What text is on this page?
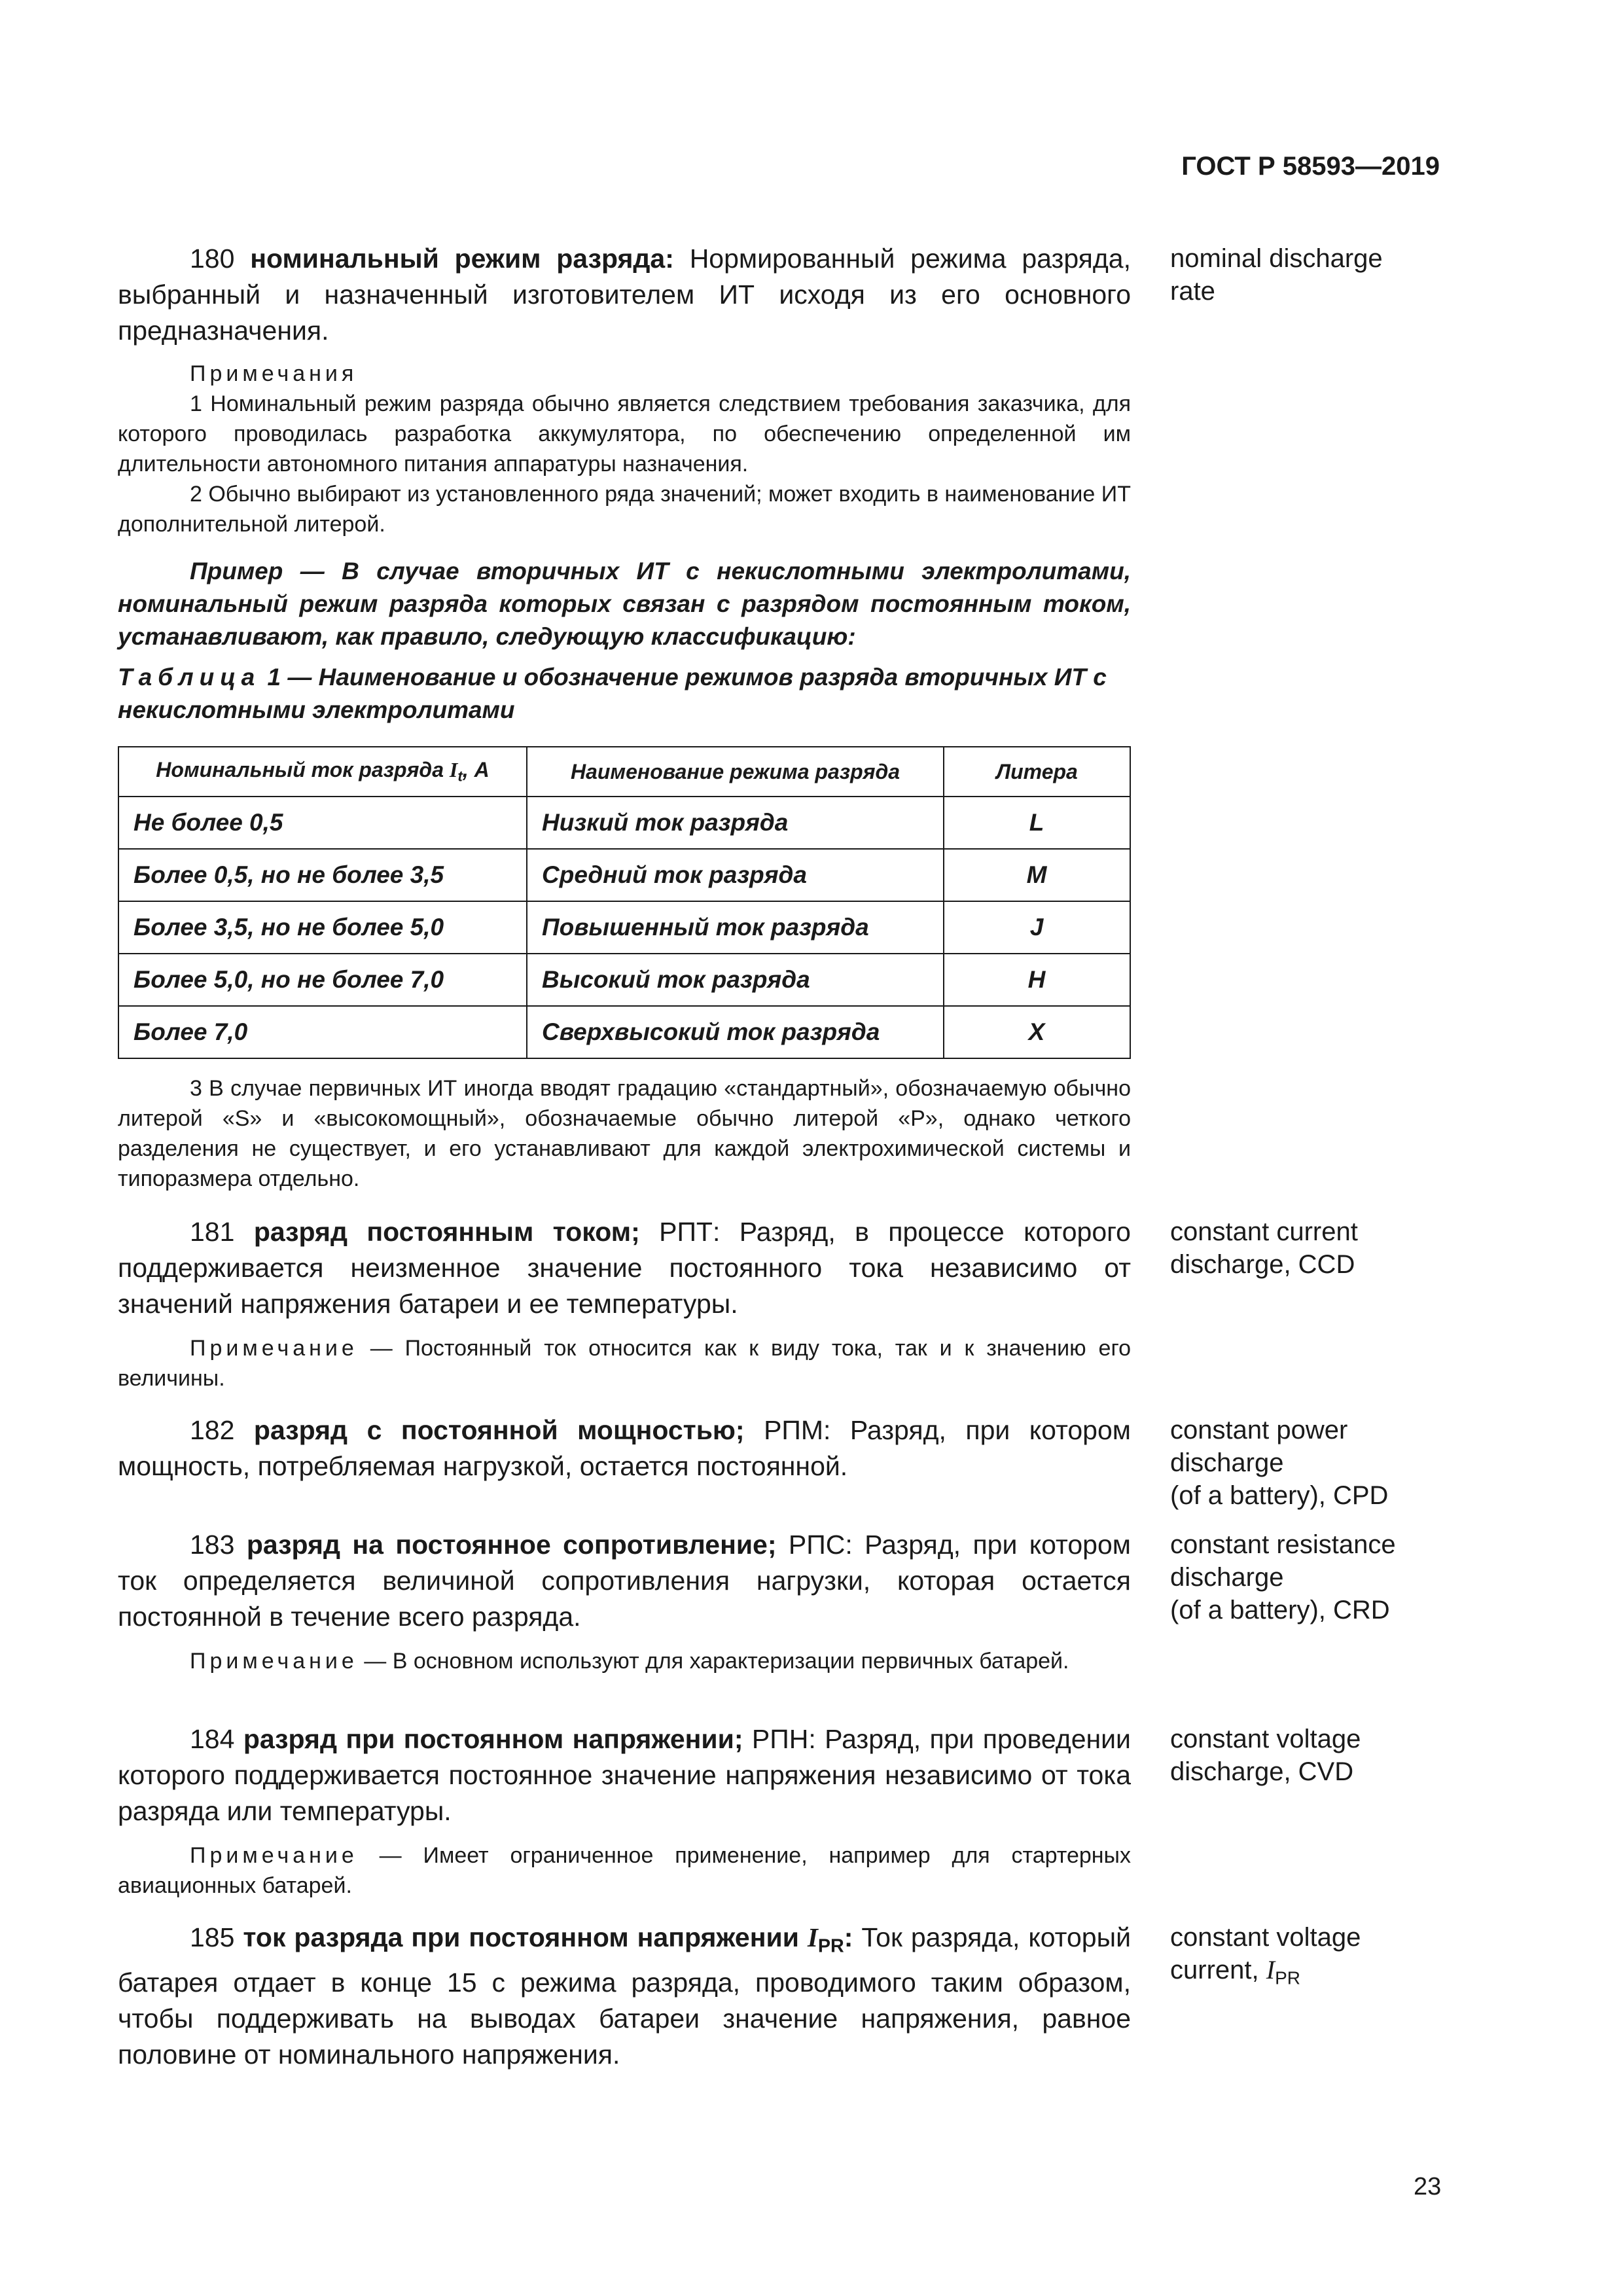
ГОСТ Р 58593—2019

180 номинальный режим разряда: Нормированный режима разряда, выбранный и назначенный изготовителем ИТ исходя из его основного предназначения.

nominal discharge
rate

Примечания

1 Номинальный режим разряда обычно является следствием требования заказчика, для которого проводилась разработка аккумулятора, по обеспечению определенной им длительности автономного питания аппаратуры назначения.

2 Обычно выбирают из установленного ряда значений; может входить в наименование ИТ дополнительной литерой.

Пример — В случае вторичных ИТ с некислотными электролитами, номинальный режим разряда которых связан с разрядом постоянным током, устанавливают, как правило, следующую классификацию:

Таблица 1 — Наименование и обозначение режимов разряда вторичных ИТ с некислотными электролитами
Номинальный ток разряда $I_t$, А	Наименование режима разряда	Литера
Не более 0,5	Низкий ток разряда	L
Более 0,5, но не более 3,5	Средний ток разряда	M
Более 3,5, но не более 5,0	Повышенный ток разряда	J
Более 5,0, но не более 7,0	Высокий ток разряда	H
Более 7,0	Сверхвысокий ток разряда	X

3 В случае первичных ИТ иногда вводят градацию «стандартный», обозначаемую обычно литерой «S» и «высокомощный», обозначаемые обычно литерой «P», однако четкого разделения не существует, и его устанавливают для каждой электрохимической системы и типоразмера отдельно.

181 разряд постоянным током; РПТ: Разряд, в процессе которого поддерживается неизменное значение постоянного тока независимо от значений напряжения батареи и ее температуры.

constant current
discharge, CCD

Примечание — Постоянный ток относится как к виду тока, так и к значению его величины.

182 разряд с постоянной мощностью; РПМ: Разряд, при котором мощность, потребляемая нагрузкой, остается постоянной.

constant power
discharge
(of a battery), CPD

183 разряд на постоянное сопротивление; РПС: Разряд, при котором ток определяется величиной сопротивления нагрузки, которая остается постоянной в течение всего разряда.

constant resistance
discharge
(of a battery), CRD

Примечание — В основном используют для характеризации первичных батарей.

184 разряд при постоянном напряжении; РПН: Разряд, при проведении которого поддерживается постоянное значение напряжения независимо от тока разряда или температуры.

constant voltage
discharge, CVD

Примечание — Имеет ограниченное применение, например для стартерных авиационных батарей.

185 ток разряда при постоянном напряжении $I_{PR}$: Ток разряда, который батарея отдает в конце 15 с режима разряда, проводимого таким образом, чтобы поддерживать на выводах батареи значение напряжения, равное половине от номинального напряжения.

constant voltage
current, $I_{PR}$
23
